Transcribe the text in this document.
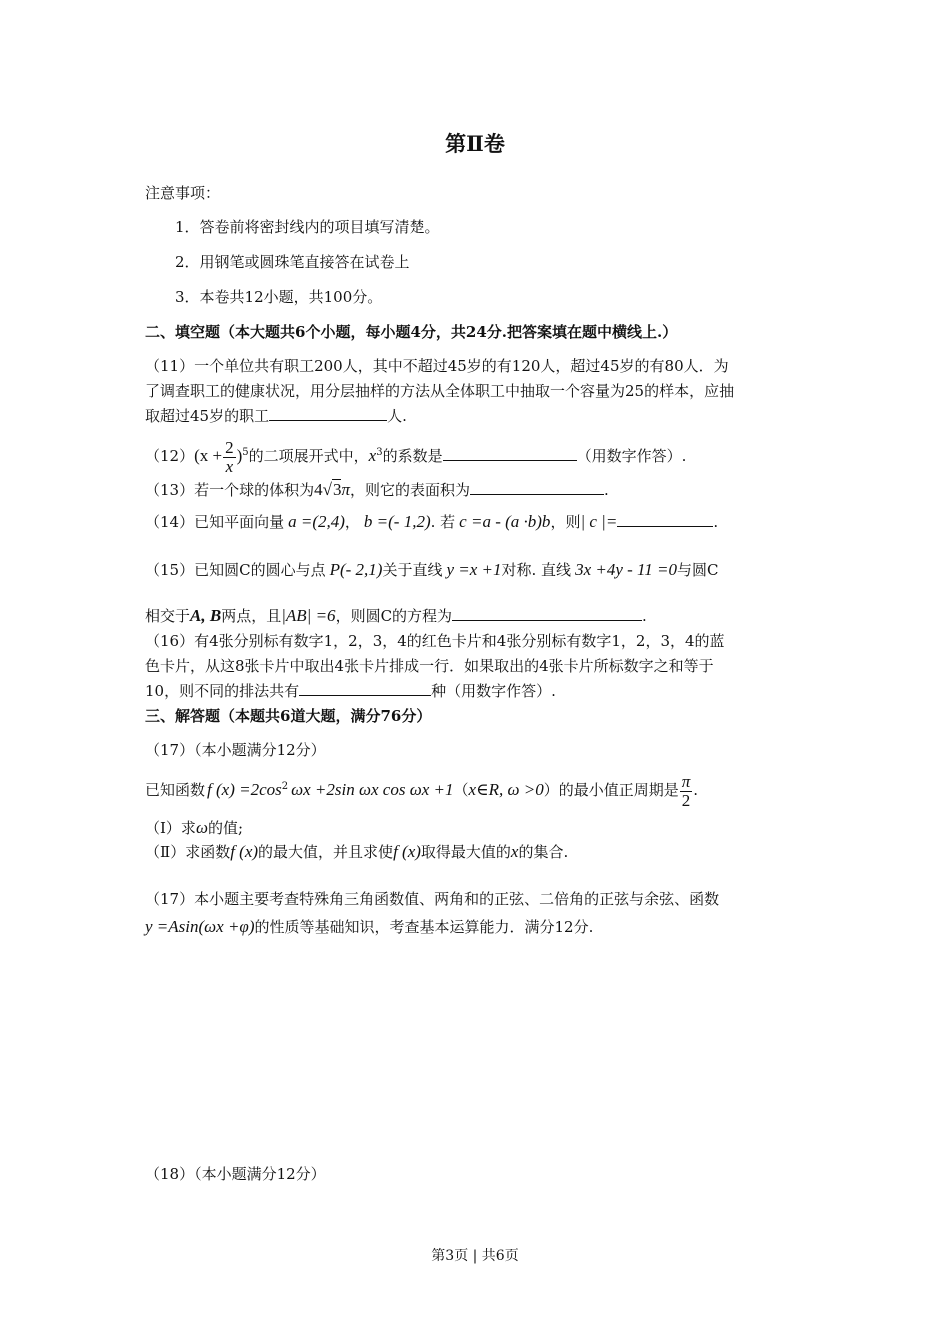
第Ⅱ卷
注意事项：
1．答卷前将密封线内的项目填写清楚。
2．用钢笔或圆珠笔直接答在试卷上
3．本卷共12小题，共100分。
二、填空题（本大题共6个小题，每小题4分，共24分.把答案填在题中横线上.）
（11）一个单位共有职工200人，其中不超过45岁的有120人，超过45岁的有80人．为
了调查职工的健康状况，用分层抽样的方法从全体职工中抽取一个容量为25的样本，应抽
取超过45岁的职工	人.
$(12)(x + \frac{2}{x} )^5$的二项展开式中，$x^3$的系数是	（用数字作答）.
（13）若一个球的体积为4√3π，则它的表面积为	.
（14）已知平面向量 a =(2,4)， b =(- 1,2). 若 c =a - (a ·b)b，则| c |=	.
（15）已知圆C的圆心与点 P(- 2,1)关于直线 y =x +1对称. 直线 3x +4y - 11 =0与圆C
相交于A, B两点，且|AB| =6，则圆C的方程为	.
（16）有4张分别标有数字1，2，3，4的红色卡片和4张分别标有数字1，2，3，4的蓝
色卡片，从这8张卡片中取出4张卡片排成一行．如果取出的4张卡片所标数字之和等于
10，则不同的排法共有	种（用数字作答）.
三、解答题（本题共6道大题，满分76分）
（17）（本小题满分12分）
已知函数 f $(x) =2\cos^2$ ωx +2sin ωx cos ωx +1（x∈R, ω >0）的最小值正周期是 $\frac{\pi}{2}$ .
（Ⅰ）求ω的值;
（Ⅱ）求函数f (x)的最大值，并且求使f (x)取得最大值的x的集合.
（17）本小题主要考查特殊角三角函数值、两角和的正弦、二倍角的正弦与余弦、函数
y =Asin(ωx +φ)的性质等基础知识，考查基本运算能力．满分12分.
（18）（本小题满分12分）
第3页 | 共6页
